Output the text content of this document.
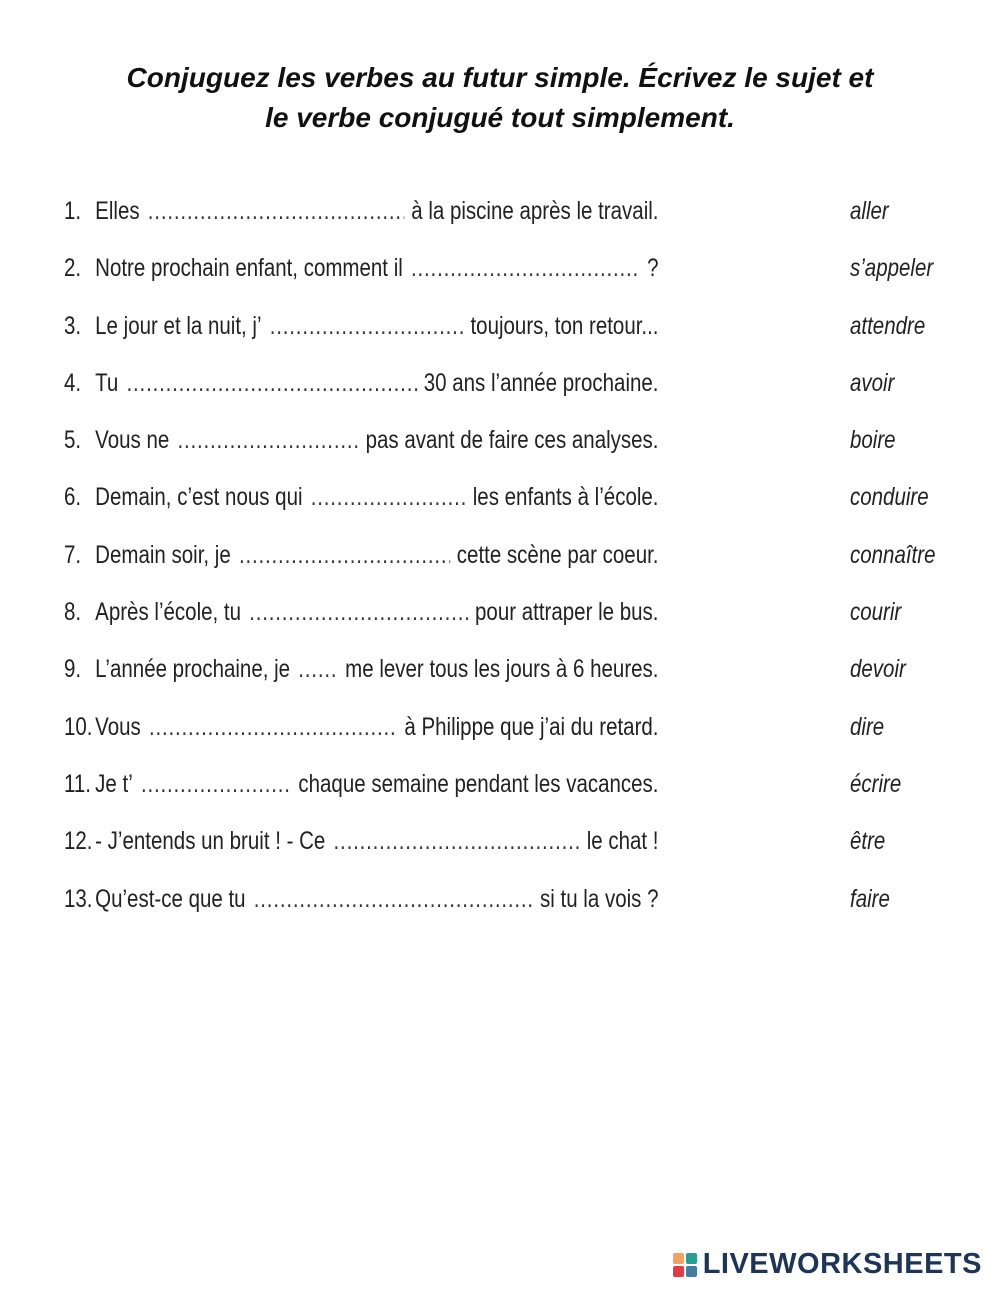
Conjuguez les verbes au futur simple. Écrivez le sujet et
le verbe conjugué tout simplement.
1. Elles .....	à la piscine après le travail.	aller
2. Notre prochain enfant, comment il .....	?	s’appeler
3. Le jour et la nuit, j’ .....	toujours, ton retour...	attendre
4. Tu .....	30 ans l’année prochaine.	avoir
5. Vous ne .....	pas avant de faire ces analyses.	boire
6. Demain, c’est nous qui .....	les enfants à l’école.	conduire
7. Demain soir, je .....	cette scène par coeur.	connaître
8. Après l’école, tu .....	pour attraper le bus.	courir
9. L’année prochaine, je ..... me lever tous les jours à 6 heures.	devoir
10. Vous .....	à Philippe que j’ai du retard.	dire
11. Je t’ .....	chaque semaine pendant les vacances.	écrire
12. - J’entends un bruit ! - Ce .....	le chat !	être
13. Qu’est-ce que tu .....	si tu la vois ?	faire
LIVEWORKSHEETS
